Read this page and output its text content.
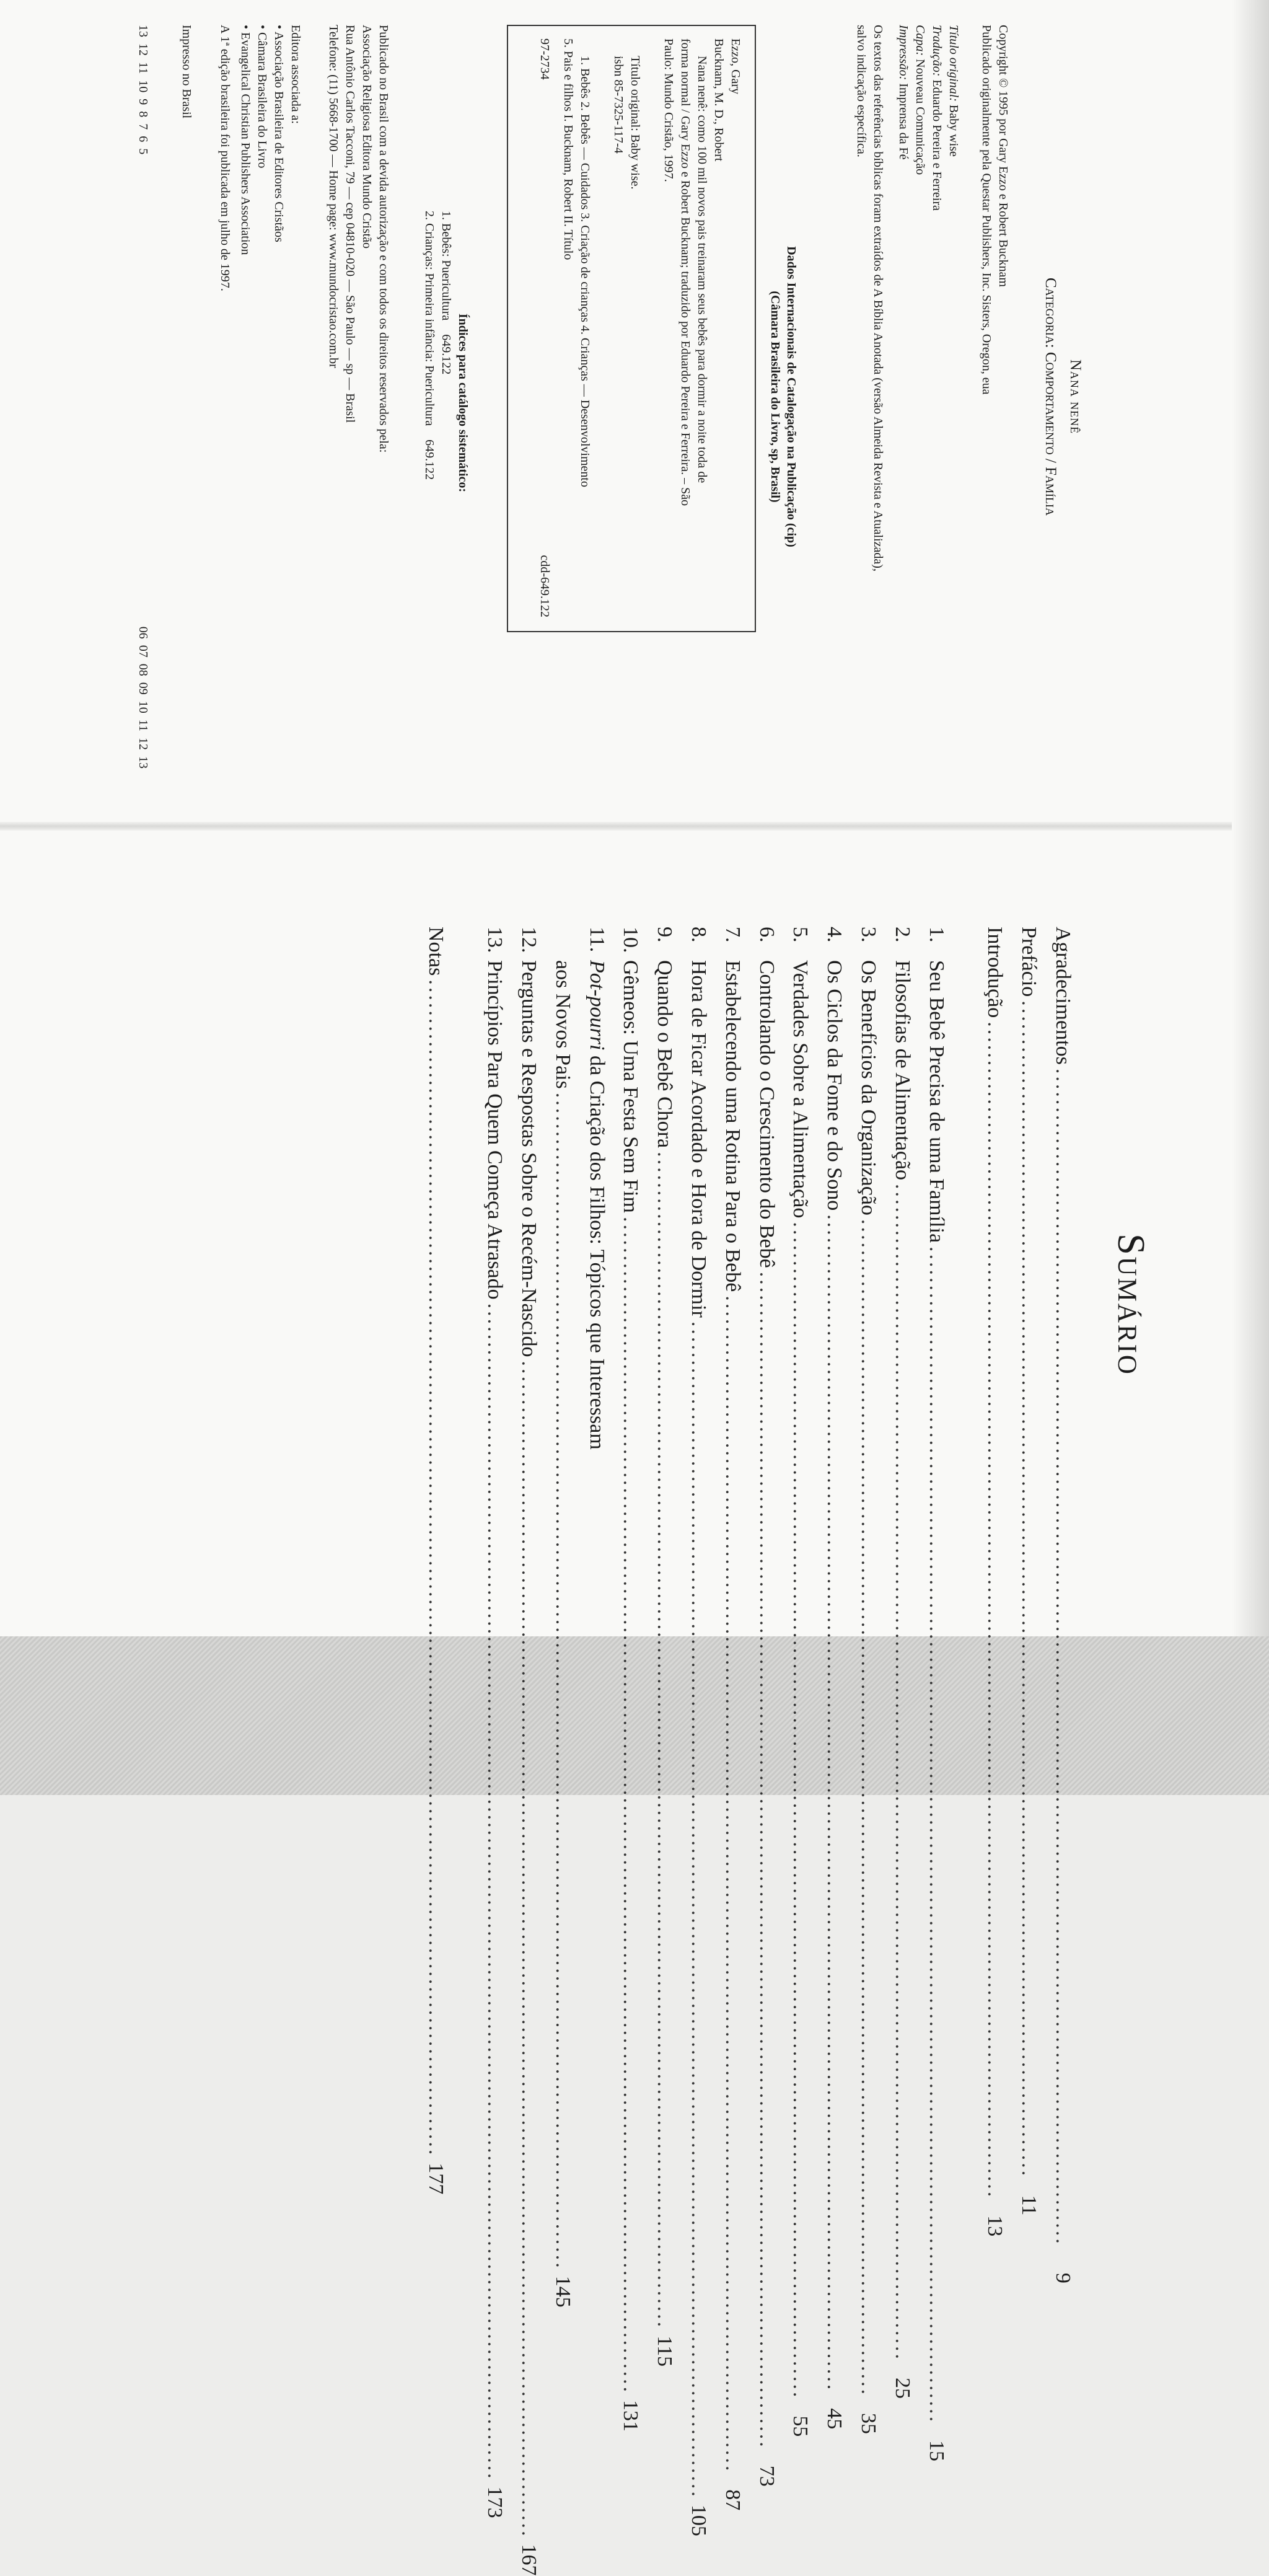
Nana nenê
Categoria: Comportamento / Família
Copyright © 1995 por Gary Ezzo e Robert Bucknam
Publicado originalmente pela Questar Publishers, Inc. Sisters, Oregon, eua
Título original: Baby wise
Tradução: Eduardo Pereira e Ferreira
Capa: Nouveau Comunicação
Impressão: Imprensa da Fé
Os textos das referências bíblicas foram extraídos de A Bíblia Anotada (versão Almeida Revista e Atualizada),
salvo indicação específica.
Dados Internacionais de Catalogação na Publicação (cip)
(Câmara Brasileira do Livro, sp, Brasil)
Ezzo, Gary
Bucknam, M. D., Robert
Nana nenê: como 100 mil novos pais treinaram seus bebês para dormir a noite toda de
forma normal / Gary Ezzo e Robert Bucknam; traduzido por Eduardo Pereira e Ferreira. – São
Paulo: Mundo Cristão, 1997.
Título original: Baby wise.
isbn 85-7325-117-4
1. Bebês 2. Bebês — Cuidados 3. Criação de crianças 4. Crianças — Desenvolvimento
5. Pais e filhos I. Bucknam, Robert II. Título
97-2734
cdd-649.122
Índices para catálogo sistemático:
1. Bebês: Puericultura
649.122
2. Crianças: Primeira infância: Puericultura
649.122
Publicado no Brasil com a devida autorização e com todos os direitos reservados pela:
Associação Religiosa Editora Mundo Cristão
Rua Antônio Carlos Tacconi, 79 — cep 04810-020 — São Paulo — sp — Brasil
Telefone: (11) 5668-1700 — Home page: www.mundocristao.com.br
Editora associada a:
• Associação Brasileira de Editores Cristãos
• Câmara Brasileira do Livro
• Evangelical Christian Publishers Association
A 1ª edição brasileira foi publicada em julho de 1997.
Impresso no Brasil
13  12  11  10  9  8  7  6  5
06  07  08  09  10  11  12  13
Sumário
Agradecimentos
........................................................................................................................................................
9
Prefácio
........................................................................................................................................................
11
Introdução
........................................................................................................................................................
13
1.
Seu Bebê Precisa de uma Família
........................................................................................................................................................
15
2.
Filosofias de Alimentação
........................................................................................................................................................
25
3.
Os Benefícios da Organização
........................................................................................................................................................
35
4.
Os Ciclos da Fome e do Sono
........................................................................................................................................................
45
5.
Verdades Sobre a Alimentação
........................................................................................................................................................
55
6.
Controlando o Crescimento do Bebê
........................................................................................................................................................
73
7.
Estabelecendo uma Rotina Para o Bebê
........................................................................................................................................................
87
8.
Hora de Ficar Acordado e Hora de Dormir
........................................................................................................................................................
105
9.
Quando o Bebê Chora
........................................................................................................................................................
115
10.
Gêmeos: Uma Festa Sem Fim
........................................................................................................................................................
131
11.
Pot-pourri da Criação dos Filhos: Tópicos que Interessam
aos Novos Pais
........................................................................................................................................................
145
12.
Perguntas e Respostas Sobre o Recém-Nascido
........................................................................................................................................................
167
13.
Princípios Para Quem Começa Atrasado
........................................................................................................................................................
173
Notas
........................................................................................................................................................
177
